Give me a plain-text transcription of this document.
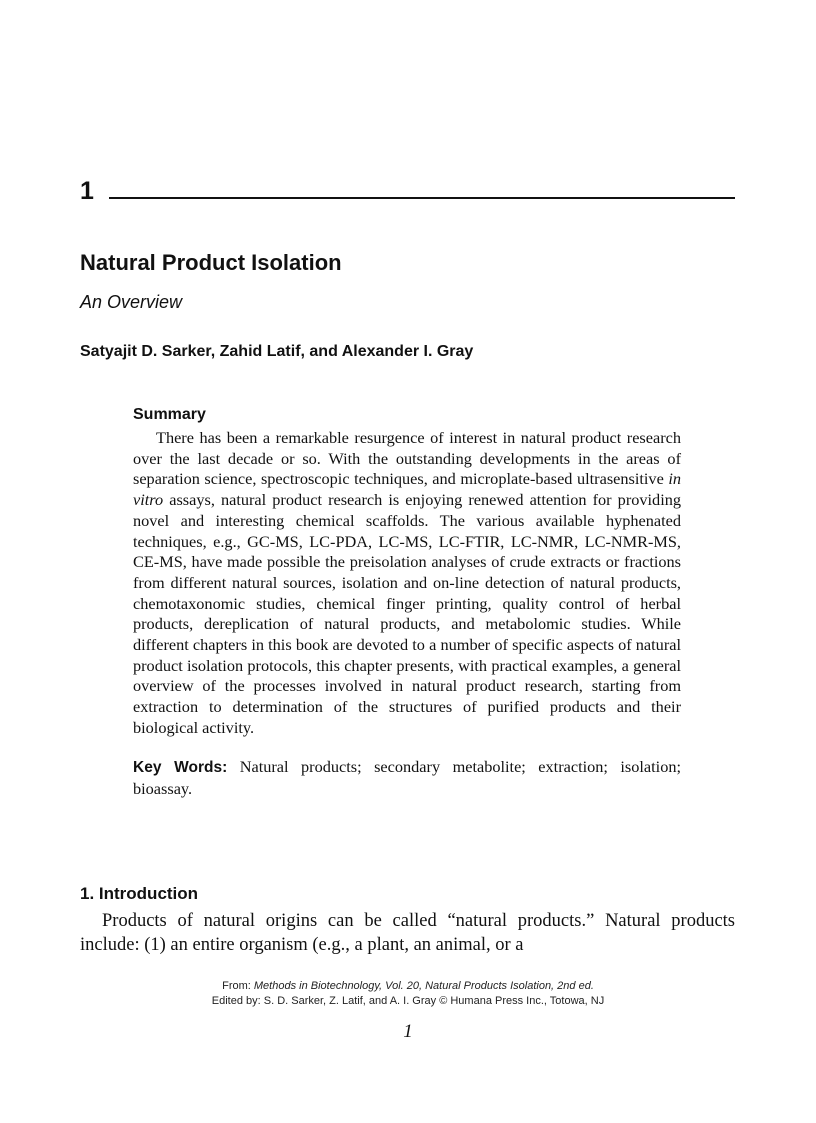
1
Natural Product Isolation
An Overview
Satyajit D. Sarker, Zahid Latif, and Alexander I. Gray
Summary

There has been a remarkable resurgence of interest in natural product research over the last decade or so. With the outstanding developments in the areas of separation science, spectroscopic techniques, and microplate-based ultrasensitive in vitro assays, natural product research is enjoying renewed attention for providing novel and interesting chemical scaffolds. The various available hyphenated techniques, e.g., GC-MS, LC-PDA, LC-MS, LC-FTIR, LC-NMR, LC-NMR-MS, CE-MS, have made possible the preisolation analyses of crude extracts or fractions from different natural sources, isolation and on-line detection of natural products, chemotaxonomic studies, chemical finger printing, quality control of herbal products, dereplication of natural products, and metabolomic studies. While different chapters in this book are devoted to a number of specific aspects of natural product isolation protocols, this chapter presents, with practical examples, a general overview of the processes involved in natural product research, starting from extraction to determination of the structures of purified products and their biological activity.

Key Words: Natural products; secondary metabolite; extraction; isolation; bioassay.

1. Introduction

Products of natural origins can be called “natural products.” Natural products include: (1) an entire organism (e.g., a plant, an animal, or a

From: Methods in Biotechnology, Vol. 20, Natural Products Isolation, 2nd ed.
Edited by: S. D. Sarker, Z. Latif, and A. I. Gray © Humana Press Inc., Totowa, NJ
1
